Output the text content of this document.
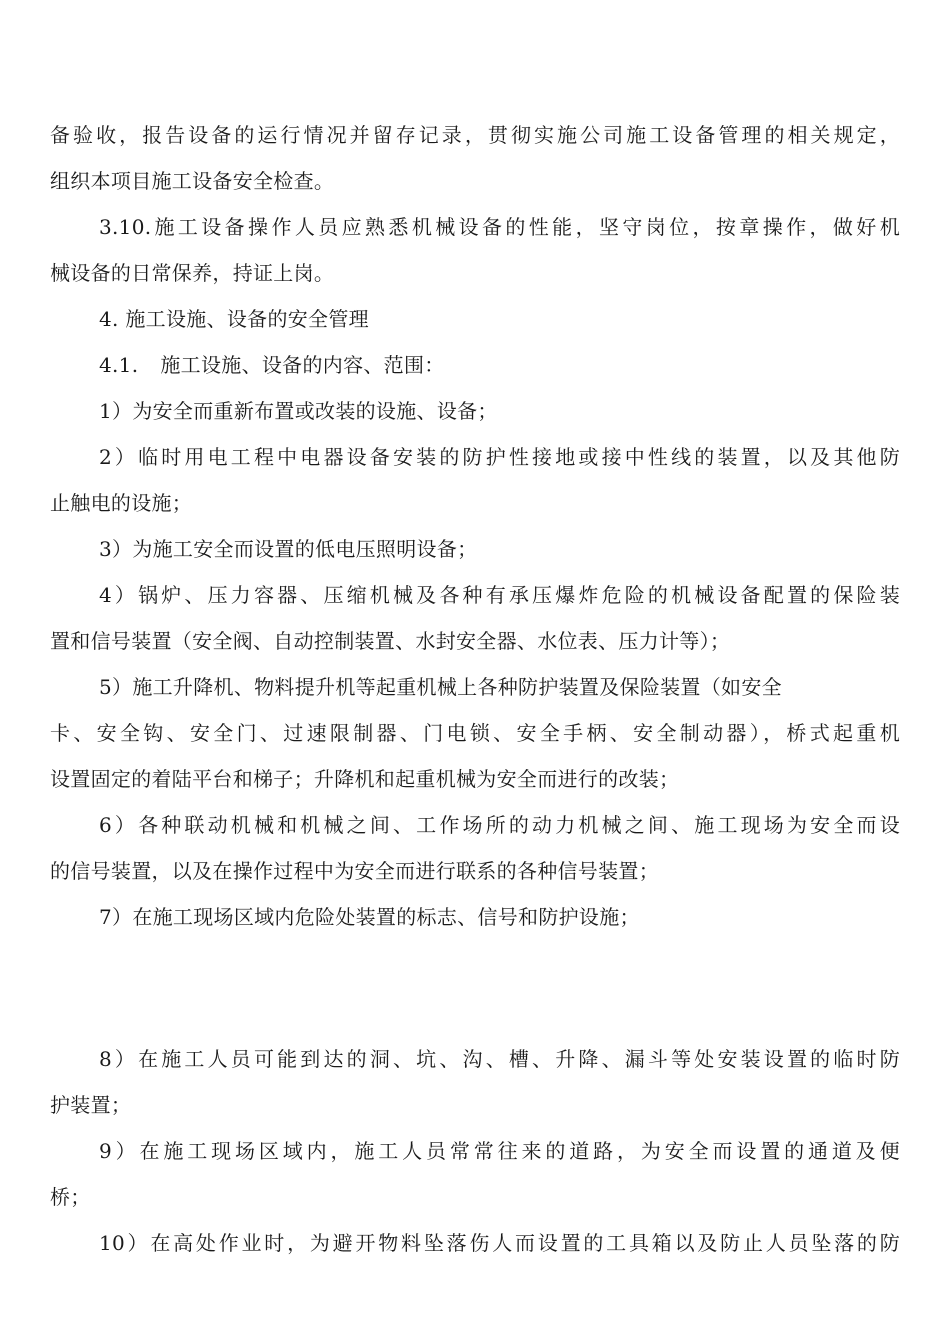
备验收，报告设备的运行情况并留存记录，贯彻实施公司施工设备管理的相关规定，
组织本项目施工设备安全检查。
3.10.施工设备操作人员应熟悉机械设备的性能，坚守岗位，按章操作，做好机
械设备的日常保养，持证上岗。
4. 施工设施、设备的安全管理
4.1. 施工设施、设备的内容、范围：
1）为安全而重新布置或改装的设施、设备；
2）临时用电工程中电器设备安装的防护性接地或接中性线的装置，以及其他防
止触电的设施；
3）为施工安全而设置的低电压照明设备；
4）锅炉、压力容器、压缩机械及各种有承压爆炸危险的机械设备配置的保险装
置和信号装置（安全阀、自动控制装置、水封安全器、水位表、压力计等）；
5）施工升降机、物料提升机等起重机械上各种防护装置及保险装置（如安全
卡、安全钩、安全门、过速限制器、门电锁、安全手柄、安全制动器），桥式起重机
设置固定的着陆平台和梯子；升降机和起重机械为安全而进行的改装；
6）各种联动机械和机械之间、工作场所的动力机械之间、施工现场为安全而设
的信号装置，以及在操作过程中为安全而进行联系的各种信号装置；
7）在施工现场区域内危险处装置的标志、信号和防护设施；
8）在施工人员可能到达的洞、坑、沟、槽、升降、漏斗等处安装设置的临时防
护装置；
9）在施工现场区域内，施工人员常常往来的道路，为安全而设置的通道及便
桥；
10）在高处作业时，为避开物料坠落伤人而设置的工具箱以及防止人员坠落的防
